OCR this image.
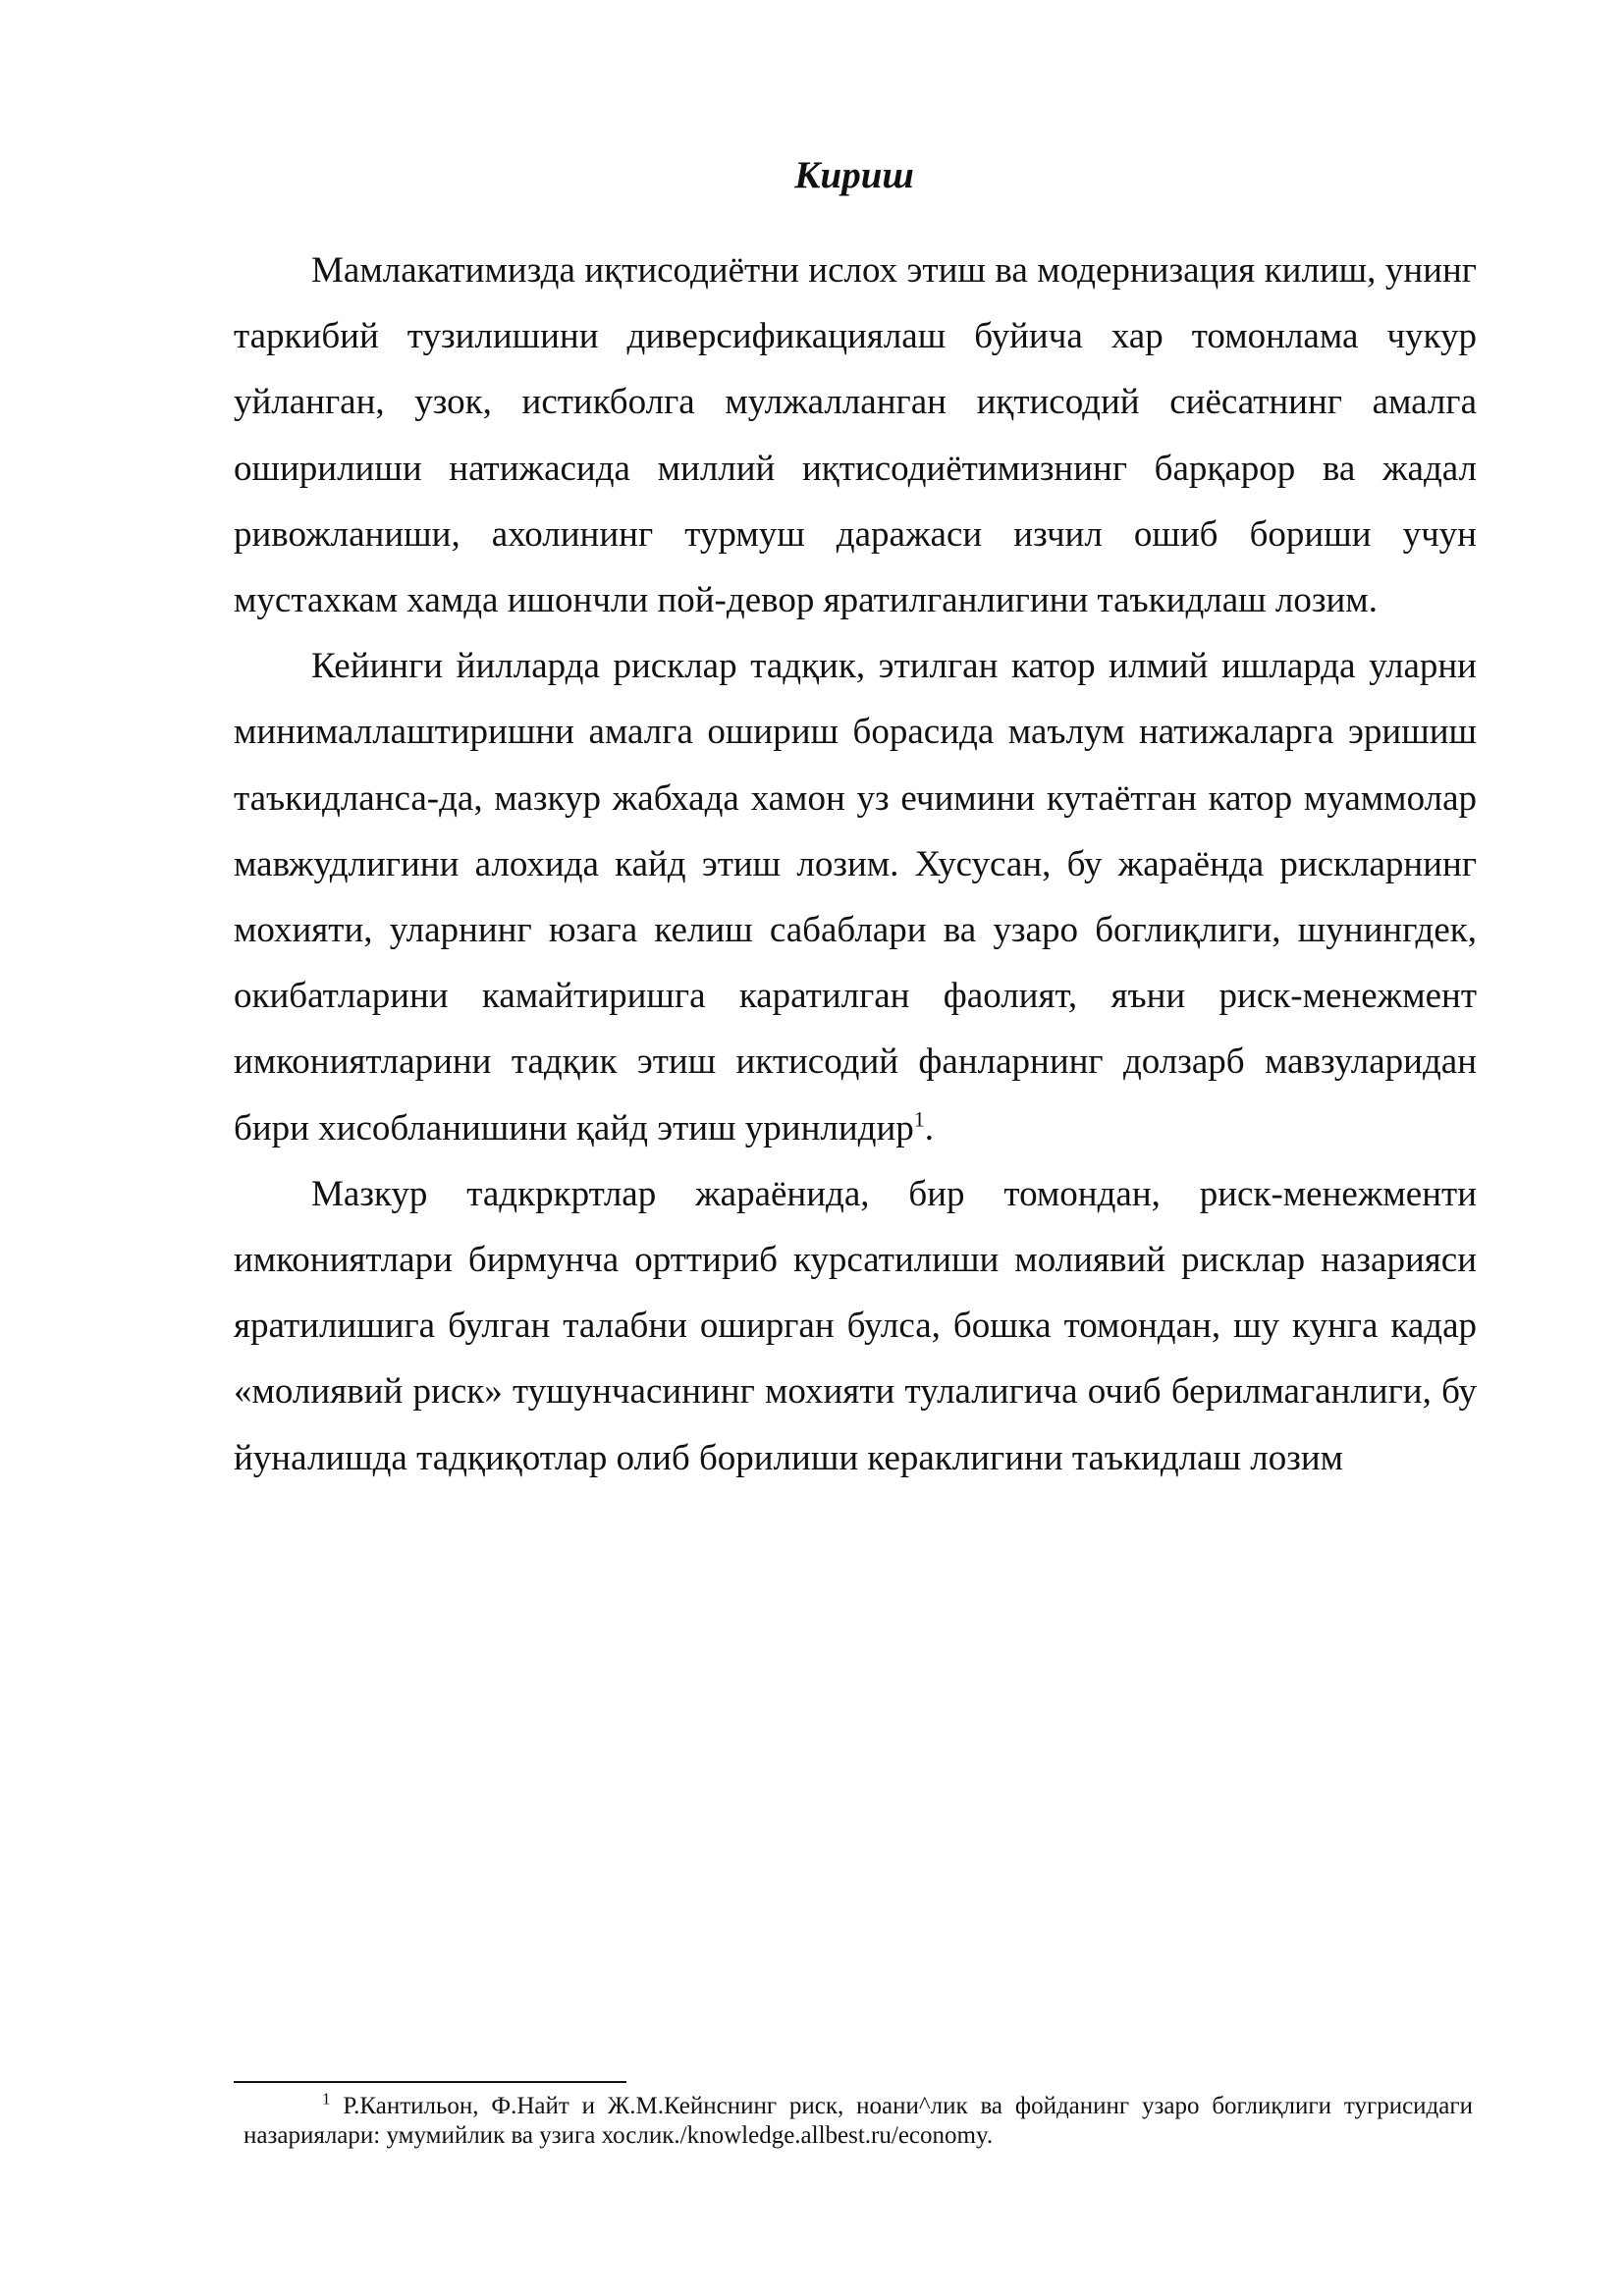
Кириш

Мамлакатимизда иқтисодиётни ислох этиш ва модернизация килиш, унинг таркибий тузилишини диверсификациялаш буйича хар томонлама чукур уйланган, узок, истикболга мулжалланган иқтисодий сиёсатнинг амалга оширилиши натижасида миллий иқтисодиётимизнинг барқарор ва жадал ривожланиши, ахолининг турмуш даражаси изчил ошиб бориши учун мустахкам хамда ишончли пой-девор яратилганлигини таъкидлаш лозим.

Кейинги йилларда рисклар тадқик, этилган катор илмий ишларда уларни минималлаштиришни амалга ошириш борасида маълум натижаларга эришиш таъкидланса-да, мазкур жабхада хамон уз ечимини кутаётган катор муаммолар мавжудлигини алохида кайд этиш лозим. Хусусан, бу жараёнда рискларнинг мохияти, уларнинг юзага келиш сабаблари ва узаро боглиқлиги, шунингдек, окибатларини камайтиришга каратилган фаолият, яъни риск-менежмент имкониятларини тадқик этиш иктисодий фанларнинг долзарб мавзуларидан бири хисобланишини қайд этиш уринлидир$^1$.

Мазкур тадкркртлар жараёнида, бир томондан, риск-менежменти имкониятлари бирмунча орттириб курсатилиши молиявий рисклар назарияси яратилишига булган талабни оширган булса, бошка томондан, шу кунга кадар «молиявий риск» тушунчасининг мохияти тулалигича очиб берилмаганлиги, бу йуналишда тадқиқотлар олиб борилиши кераклигини таъкидлаш лозим

$^1$ Р.Кантильон, Ф.Найт и Ж.М.Кейнснинг риск, ноани^лик ва фойданинг узаро боглиқлиги тугрисидаги назариялари: умумийлик ва узига хослик./knowledge.allbest.ru/economy.
